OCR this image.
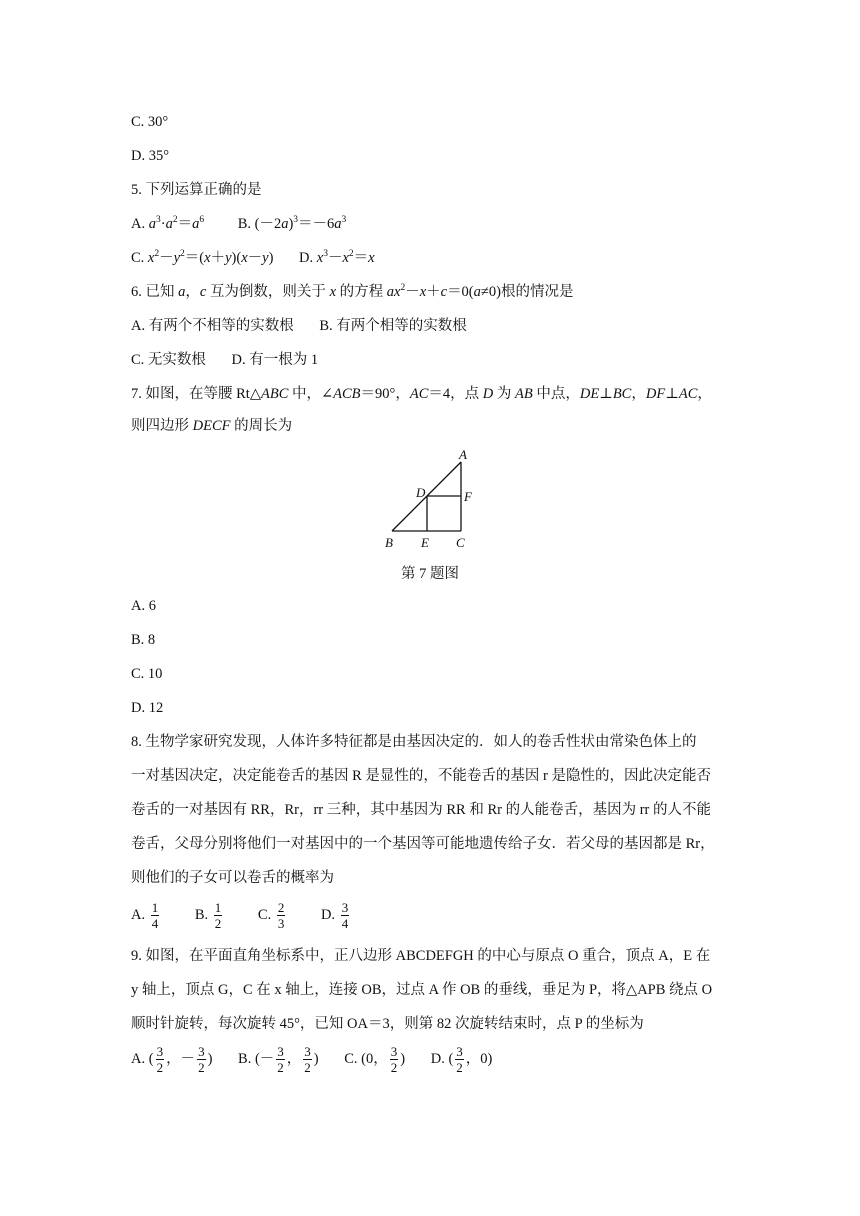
C. 30°
D. 35°
5. 下列运算正确的是
A. $a^3\cdot a^2=a^6$ B. $(-2a)^3=-6a^3$
C. $x^2-y^2=(x+y)(x-y)$ D. $x^3-x^2=x$
6. 已知 a，c 互为倒数，则关于 x 的方程 $ax^2-x+c=0(a\ne 0)$根的情况是
A. 有两个不相等的实数根 B. 有两个相等的实数根
C. 无实数根 D. 有一根为 1
7. 如图，在等腰 Rt△ABC 中，∠ACB＝90°，AC＝4，点 D 为 AB 中点，DE⊥BC，DF⊥AC，
则四边形 DECF 的周长为
A
B	C
D
E
F
第 7 题图
A. 6
B. 8
C. 10
D. 12
8. 生物学家研究发现，人体许多特征都是由基因决定的．如人的卷舌性状由常染色体上的
一对基因决定，决定能卷舌的基因 R 是显性的，不能卷舌的基因 r 是隐性的，因此决定能否
卷舌的一对基因有 RR，Rr，rr 三种，其中基因为 RR 和 Rr 的人能卷舌，基因为 rr 的人不能
卷舌，父母分别将他们一对基因中的一个基因等可能地遗传给子女．若父母的基因都是 Rr，
则他们的子女可以卷舌的概率为
A. $\frac{1}{4} B$. $\frac{1}{2} C$. $\frac{2}{3} D$. $\frac{3}{4}$
9. 如图，在平面直角坐标系中，正八边形 ABCDEFGH 的中心与原点 O 重合，顶点 A，E 在
y 轴上，顶点 G，C 在 x 轴上，连接 OB，过点 A 作 OB 的垂线，垂足为 P，将△APB 绕点 O
顺时针旋转，每次旋转 45°，已知 OA＝3，则第 82 次旋转结束时，点 P 的坐标为
A. ( $\frac{3}{2}$ ，－ $\frac{3}{2}$ ) B. (－ $\frac{3}{2}$ ， $\frac{3}{2}$ ) C. (0， $\frac{3}{2}$ ) D. ( $\frac{3}{2}$ ，0)
